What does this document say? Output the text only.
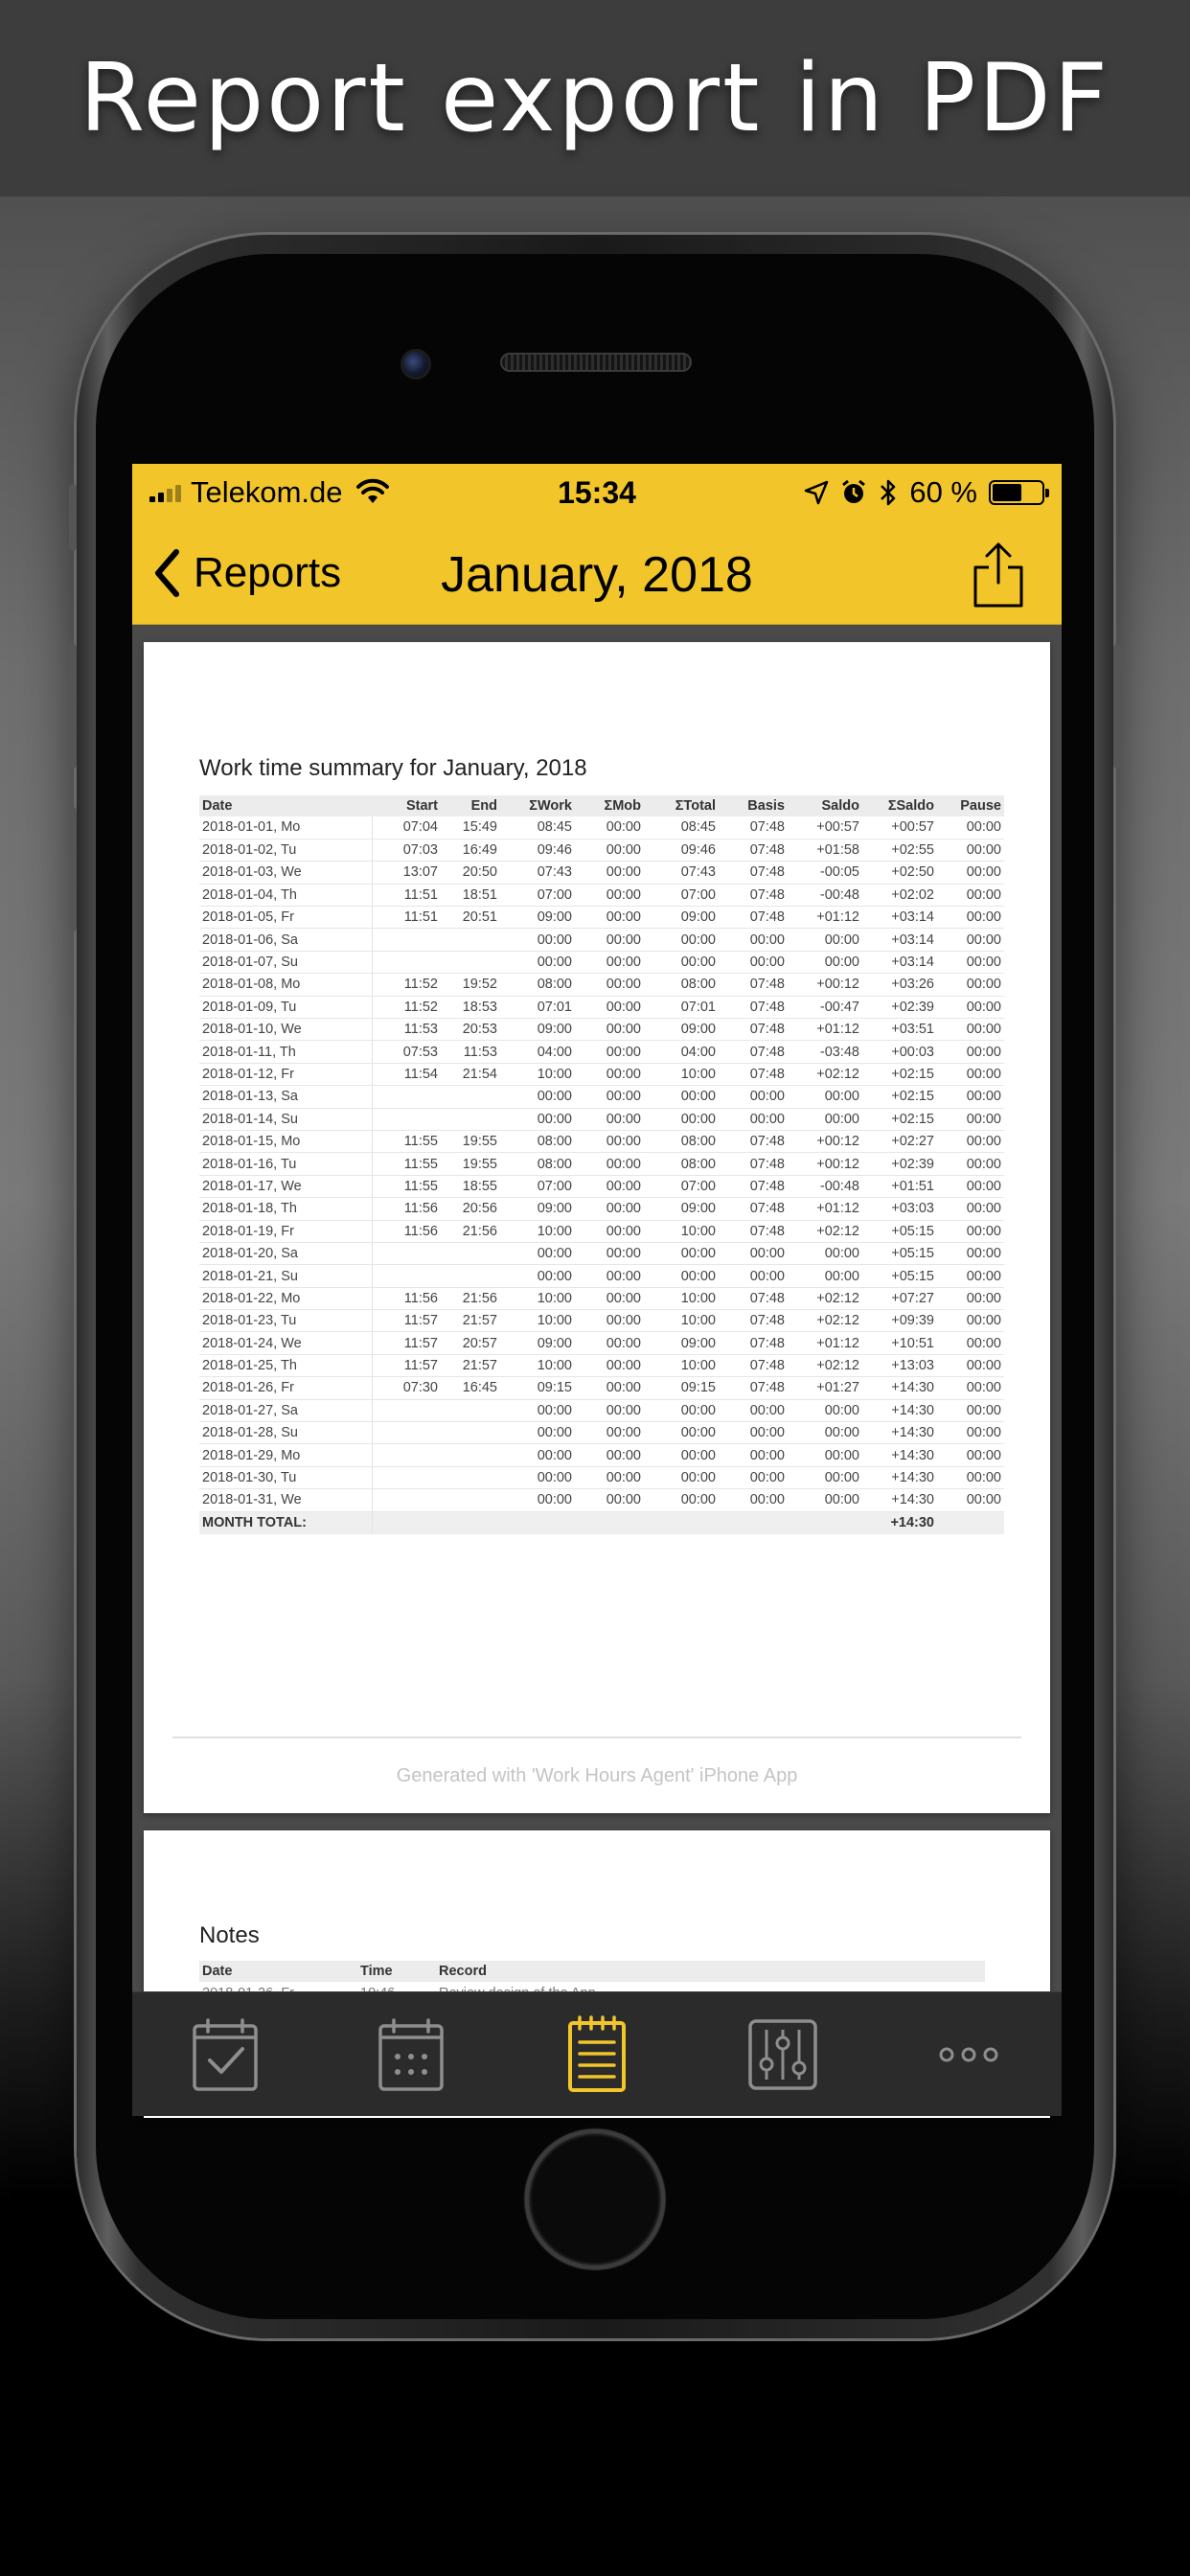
Report export in PDF
Telekom.de	15:34	60 %
Reports	January, 2018
Work time summary for January, 2018
Date	Start	End	ΣWork	ΣMob	ΣTotal	Basis	Saldo	ΣSaldo	Pause
2018-01-01, Mo	07:04	15:49	08:45	00:00	08:45	07:48	+00:57	+00:57	00:00
2018-01-02, Tu	07:03	16:49	09:46	00:00	09:46	07:48	+01:58	+02:55	00:00
2018-01-03, We	13:07	20:50	07:43	00:00	07:43	07:48	-00:05	+02:50	00:00
2018-01-04, Th	11:51	18:51	07:00	00:00	07:00	07:48	-00:48	+02:02	00:00
2018-01-05, Fr	11:51	20:51	09:00	00:00	09:00	07:48	+01:12	+03:14	00:00
2018-01-06, Sa			00:00	00:00	00:00	00:00	00:00	+03:14	00:00
2018-01-07, Su			00:00	00:00	00:00	00:00	00:00	+03:14	00:00
2018-01-08, Mo	11:52	19:52	08:00	00:00	08:00	07:48	+00:12	+03:26	00:00
2018-01-09, Tu	11:52	18:53	07:01	00:00	07:01	07:48	-00:47	+02:39	00:00
2018-01-10, We	11:53	20:53	09:00	00:00	09:00	07:48	+01:12	+03:51	00:00
2018-01-11, Th	07:53	11:53	04:00	00:00	04:00	07:48	-03:48	+00:03	00:00
2018-01-12, Fr	11:54	21:54	10:00	00:00	10:00	07:48	+02:12	+02:15	00:00
2018-01-13, Sa			00:00	00:00	00:00	00:00	00:00	+02:15	00:00
2018-01-14, Su			00:00	00:00	00:00	00:00	00:00	+02:15	00:00
2018-01-15, Mo	11:55	19:55	08:00	00:00	08:00	07:48	+00:12	+02:27	00:00
2018-01-16, Tu	11:55	19:55	08:00	00:00	08:00	07:48	+00:12	+02:39	00:00
2018-01-17, We	11:55	18:55	07:00	00:00	07:00	07:48	-00:48	+01:51	00:00
2018-01-18, Th	11:56	20:56	09:00	00:00	09:00	07:48	+01:12	+03:03	00:00
2018-01-19, Fr	11:56	21:56	10:00	00:00	10:00	07:48	+02:12	+05:15	00:00
2018-01-20, Sa			00:00	00:00	00:00	00:00	00:00	+05:15	00:00
2018-01-21, Su			00:00	00:00	00:00	00:00	00:00	+05:15	00:00
2018-01-22, Mo	11:56	21:56	10:00	00:00	10:00	07:48	+02:12	+07:27	00:00
2018-01-23, Tu	11:57	21:57	10:00	00:00	10:00	07:48	+02:12	+09:39	00:00
2018-01-24, We	11:57	20:57	09:00	00:00	09:00	07:48	+01:12	+10:51	00:00
2018-01-25, Th	11:57	21:57	10:00	00:00	10:00	07:48	+02:12	+13:03	00:00
2018-01-26, Fr	07:30	16:45	09:15	00:00	09:15	07:48	+01:27	+14:30	00:00
2018-01-27, Sa			00:00	00:00	00:00	00:00	00:00	+14:30	00:00
2018-01-28, Su			00:00	00:00	00:00	00:00	00:00	+14:30	00:00
2018-01-29, Mo			00:00	00:00	00:00	00:00	00:00	+14:30	00:00
2018-01-30, Tu			00:00	00:00	00:00	00:00	00:00	+14:30	00:00
2018-01-31, We			00:00	00:00	00:00	00:00	00:00	+14:30	00:00
MONTH TOTAL:								+14:30	
Generated with 'Work Hours Agent' iPhone App
Notes
Date	Time	Record
